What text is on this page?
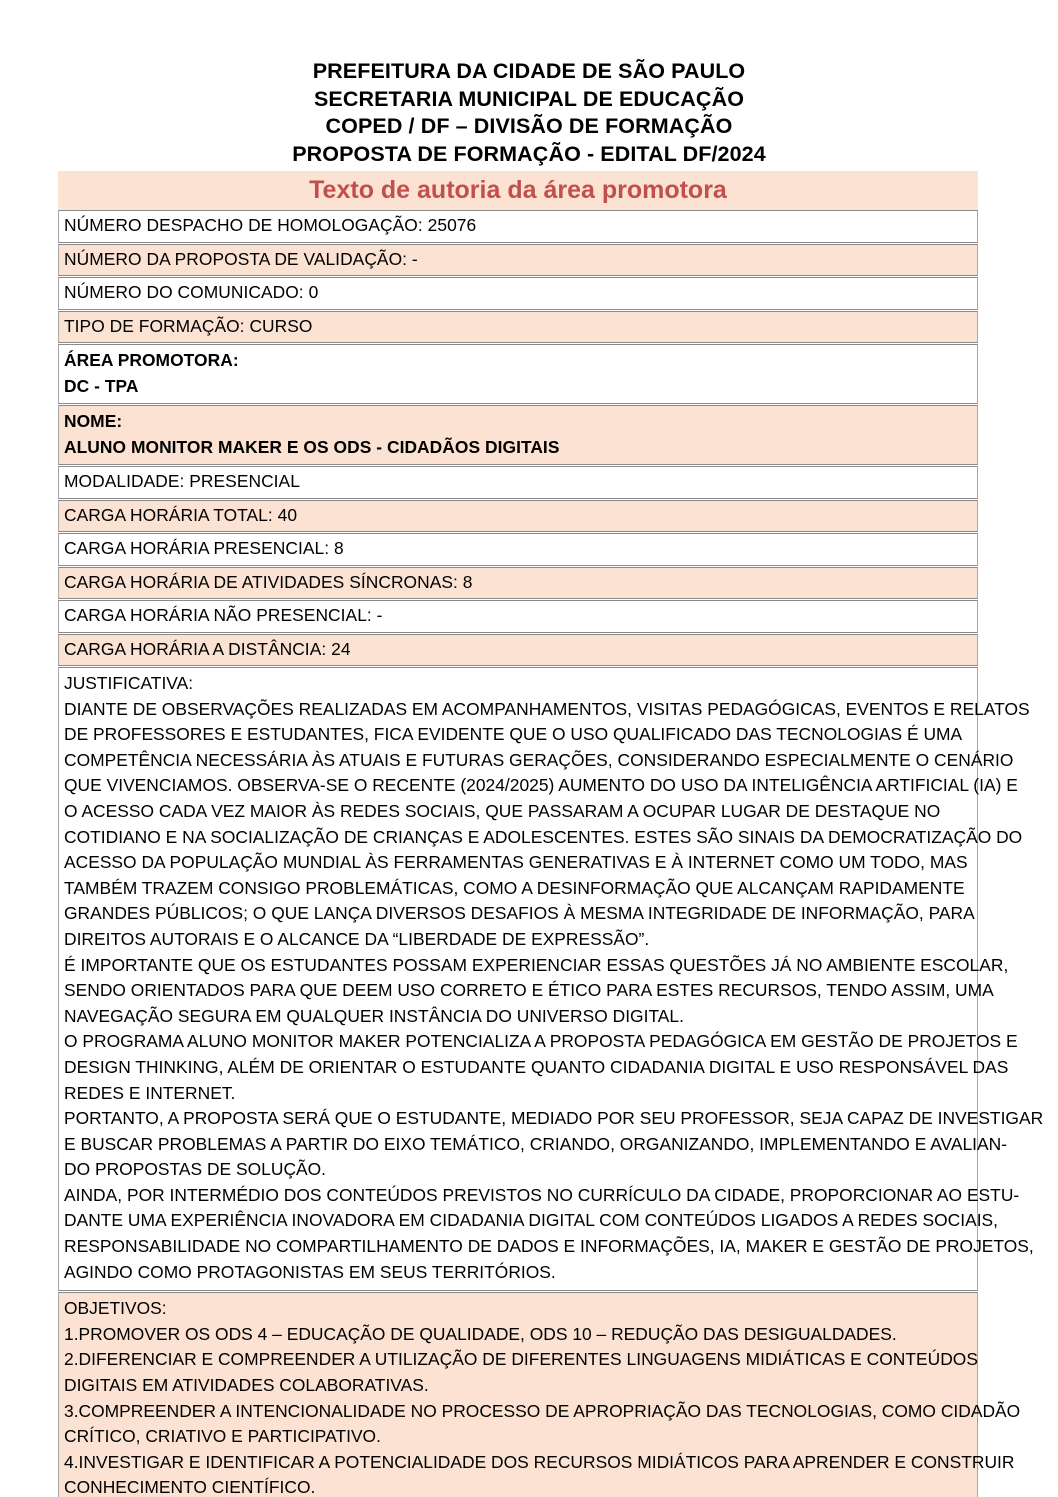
PREFEITURA DA CIDADE DE SÃO PAULO
SECRETARIA MUNICIPAL DE EDUCAÇÃO
COPED / DF – DIVISÃO DE FORMAÇÃO
PROPOSTA DE FORMAÇÃO - EDITAL DF/2024
Texto de autoria da área promotora
NÚMERO DESPACHO DE HOMOLOGAÇÃO: 25076
NÚMERO DA PROPOSTA DE VALIDAÇÃO: -
NÚMERO DO COMUNICADO: 0
TIPO DE FORMAÇÃO: CURSO
ÁREA PROMOTORA:
DC - TPA
NOME:
ALUNO MONITOR MAKER E OS ODS - CIDADÃOS DIGITAIS
MODALIDADE: PRESENCIAL
CARGA HORÁRIA TOTAL: 40
CARGA HORÁRIA PRESENCIAL: 8
CARGA HORÁRIA DE ATIVIDADES SÍNCRONAS: 8
CARGA HORÁRIA NÃO PRESENCIAL: -
CARGA HORÁRIA A DISTÂNCIA: 24

JUSTIFICATIVA:

DIANTE DE OBSERVAÇÕES REALIZADAS EM ACOMPANHAMENTOS, VISITAS PEDAGÓGICAS, EVENTOS E RELATOS

DE PROFESSORES E ESTUDANTES, FICA EVIDENTE QUE O USO QUALIFICADO DAS TECNOLOGIAS É UMA

COMPETÊNCIA NECESSÁRIA ÀS ATUAIS E FUTURAS GERAÇÕES, CONSIDERANDO ESPECIALMENTE O CENÁRIO

QUE VIVENCIAMOS. OBSERVA-SE O RECENTE (2024/2025) AUMENTO DO USO DA INTELIGÊNCIA ARTIFICIAL (IA) E

O ACESSO CADA VEZ MAIOR ÀS REDES SOCIAIS, QUE PASSARAM A OCUPAR LUGAR DE DESTAQUE NO

COTIDIANO E NA SOCIALIZAÇÃO DE CRIANÇAS E ADOLESCENTES. ESTES SÃO SINAIS DA DEMOCRATIZAÇÃO DO

ACESSO DA POPULAÇÃO MUNDIAL ÀS FERRAMENTAS GENERATIVAS E À INTERNET COMO UM TODO, MAS

TAMBÉM TRAZEM CONSIGO PROBLEMÁTICAS, COMO A DESINFORMAÇÃO QUE ALCANÇAM RAPIDAMENTE

GRANDES PÚBLICOS; O QUE LANÇA DIVERSOS DESAFIOS À MESMA INTEGRIDADE DE INFORMAÇÃO, PARA

DIREITOS AUTORAIS E O ALCANCE DA “LIBERDADE DE EXPRESSÃO”.

É IMPORTANTE QUE OS ESTUDANTES POSSAM EXPERIENCIAR ESSAS QUESTÕES JÁ NO AMBIENTE ESCOLAR,

SENDO ORIENTADOS PARA QUE DEEM USO CORRETO E ÉTICO PARA ESTES RECURSOS, TENDO ASSIM, UMA

NAVEGAÇÃO SEGURA EM QUALQUER INSTÂNCIA DO UNIVERSO DIGITAL.

O PROGRAMA ALUNO MONITOR MAKER POTENCIALIZA A PROPOSTA PEDAGÓGICA EM GESTÃO DE PROJETOS E

DESIGN THINKING, ALÉM DE ORIENTAR O ESTUDANTE QUANTO CIDADANIA DIGITAL E USO RESPONSÁVEL DAS

REDES E INTERNET.

PORTANTO, A PROPOSTA SERÁ QUE O ESTUDANTE, MEDIADO POR SEU PROFESSOR, SEJA CAPAZ DE INVESTIGAR

E BUSCAR PROBLEMAS A PARTIR DO EIXO TEMÁTICO, CRIANDO, ORGANIZANDO, IMPLEMENTANDO E AVALIAN-

DO PROPOSTAS DE SOLUÇÃO.

AINDA, POR INTERMÉDIO DOS CONTEÚDOS PREVISTOS NO CURRÍCULO DA CIDADE, PROPORCIONAR AO ESTU-

DANTE UMA EXPERIÊNCIA INOVADORA EM CIDADANIA DIGITAL COM CONTEÚDOS LIGADOS A REDES SOCIAIS,

RESPONSABILIDADE NO COMPARTILHAMENTO DE DADOS E INFORMAÇÕES, IA, MAKER E GESTÃO DE PROJETOS,

AGINDO COMO PROTAGONISTAS EM SEUS TERRITÓRIOS.

OBJETIVOS:

1.PROMOVER OS ODS 4 – EDUCAÇÃO DE QUALIDADE, ODS 10 – REDUÇÃO DAS DESIGUALDADES.

2.DIFERENCIAR E COMPREENDER A UTILIZAÇÃO DE DIFERENTES LINGUAGENS MIDIÁTICAS E CONTEÚDOS

DIGITAIS EM ATIVIDADES COLABORATIVAS.

3.COMPREENDER A INTENCIONALIDADE NO PROCESSO DE APROPRIAÇÃO DAS TECNOLOGIAS, COMO CIDADÃO

CRÍTICO, CRIATIVO E PARTICIPATIVO.

4.INVESTIGAR E IDENTIFICAR A POTENCIALIDADE DOS RECURSOS MIDIÁTICOS PARA APRENDER E CONSTRUIR

CONHECIMENTO CIENTÍFICO.
